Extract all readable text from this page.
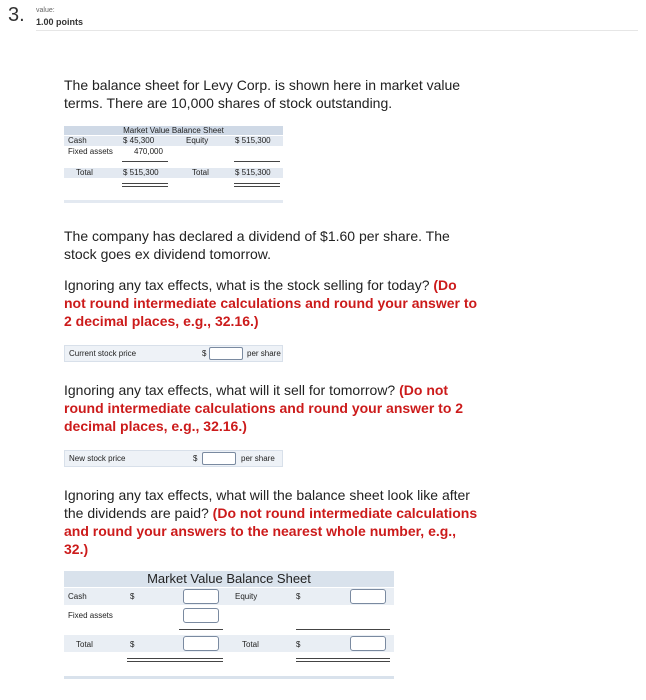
3. value:
1.00 points
The balance sheet for Levy Corp. is shown here in market value terms. There are 10,000 shares of stock outstanding.
Market Value Balance Sheet
Cash	$ 45,300	Equity	$ 515,300
Fixed assets	470,000
Total	$ 515,300	Total	$ 515,300
The company has declared a dividend of $1.60 per share. The stock goes ex dividend tomorrow.
Ignoring any tax effects, what is the stock selling for today? (Do not round intermediate calculations and round your answer to 2 decimal places, e.g., 32.16.)
Current stock price	$	per share
Ignoring any tax effects, what will it sell for tomorrow? (Do not round intermediate calculations and round your answer to 2 decimal places, e.g., 32.16.)
New stock price	$	per share
Ignoring any tax effects, what will the balance sheet look like after the dividends are paid? (Do not round intermediate calculations and round your answers to the nearest whole number, e.g., 32.)
Market Value Balance Sheet
Cash	$	Equity	$
Fixed assets
Total	$	Total	$
